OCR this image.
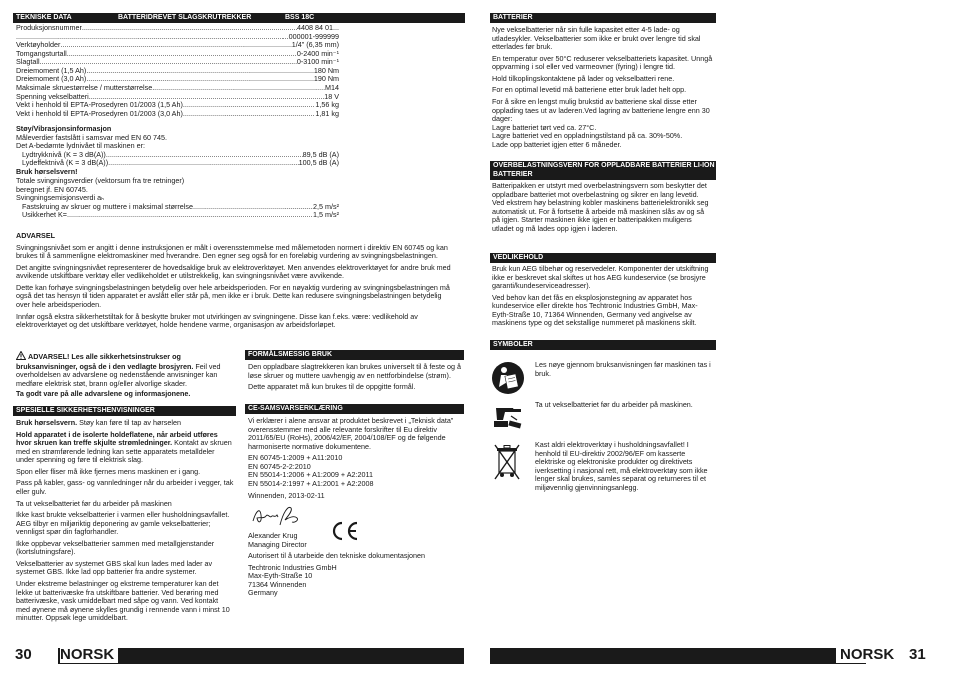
TEKNISKE DATA	BATTERIDREVET SLAGSKRUTREKKER	BSS 18C
Produksjonsnummer .....	4408 84 01...
.....
...000001-999999
Verktøyholder .....	1/4" (6,35 mm)
Tomgangsturtall .....	0-2400 min⁻¹
Slagtall .....	0-3100 min⁻¹
Dreiemoment (1,5 Ah) .....	180 Nm
Dreiemoment (3,0 Ah) .....	190 Nm
Maksimale skruestørrelse / mutterstørrelse .....	M14
Spenning vekselbatteri .....	18 V
Vekt i henhold til EPTA-Prosedyren 01/2003 (1,5 Ah) .....	1,56 kg
Vekt i henhold til EPTA-Prosedyren 01/2003 (3,0 Ah) .....	1,81 kg
Støy/Vibrasjonsinformasjon
Måleverdier fastslått i samsvar med EN 60 745.
Det A-bedømte lydnivået til maskinen er:
Lydtrykknivå (K = 3 dB(A)) .....	89,5 dB (A)
Lydeffektnivå (K = 3 dB(A)) .....	100,5 dB (A)
Bruk hørselsvern!
Totale svingningsverdier (vektorsum fra tre retninger)
beregnet jf. EN 60745.
Svingningsemisjonsverdi aₕ
Fastskruing av skruer og muttere i maksimal størrelse .....	2,5 m/s²
Usikkerhet K= .....	1,5 m/s²
ADVARSEL

Svingningsnivået som er angitt i denne instruksjonen er målt i overensstemmelse med målemetoden normert i direktiv EN 60745 og kan brukes til å sammenligne elektromaskiner med hverandre. Den egner seg også for en foreløbig vurdering av svingningsbelastningen.

Det angitte svingningsnivået representerer de hovedsaklige bruk av elektroverktøyet. Men anvendes elektroverktøyet for andre bruk med avvikende utskiftbare verktøy eller vedlikeholdet er utilstrekkelig, kan svingningsnivået være avvikende.

Dette kan forhøye svingningsbelastningen betydelig over hele arbeidsperioden. For en nøyaktig vurdering av svingningsbelastningen må også det tas hensyn til tiden apparatet er avslått eller står på, men ikke er i bruk. Dette kan redusere svingningsbelastningen betydelig over hele arbeidsperioden.

Innfør også ekstra sikkerhetstiltak for å beskytte bruker mot utvirkingen av svingningene. Disse kan f.eks. være: vedlikehold av elektroverktøyet og det utskiftbare verktøyet, holde hendene varme, organisasjon av arbeidsforløpet.

ADVARSEL! Les alle sikkerhetsinstrukser og bruksanvisninger, også de i den vedlagte brosjyren. Feil ved overholdelsen av advarslene og nedenstående anvisninger kan medføre elektrisk støt, brann og/eller alvorlige skader.

Ta godt vare på alle advarslene og informasjonene.

SPESIELLE SIKKERHETSHENVISNINGER

Bruk hørselsvern. Støy kan føre til tap av hørselen

Hold apparatet i de isolerte holdeflatene, når arbeid utføres hvor skruen kan treffe skjulte strømledninger. Kontakt av skruen med en strømførende ledning kan sette apparatets metalldeler under spenning og føre til elektrisk slag.

Spon eller fliser må ikke fjernes mens maskinen er i gang.

Pass på kabler, gass- og vannledninger når du arbeider i vegger, tak eller gulv.

Ta ut vekselbatteriet før du arbeider på maskinen

Ikke kast brukte vekselbatterier i varmen eller husholdningsavfallet. AEG tilbyr en miljøriktig deponering av gamle vekselbatterier; vennligst spør din fagforhandler.

Ikke oppbevar vekselbatterier sammen med metallgjenstander (kortslutningsfare).

Vekselbatterier av systemet GBS skal kun lades med lader av systemet GBS. Ikke lad opp batterier fra andre systemer.

Under ekstreme belastninger og ekstreme temperaturer kan det lekke ut batterivæske fra utskiftbare batterier. Ved berøring med batterivæske, vask umiddelbart med såpe og vann. Ved kontakt med øynene må øynene skylles grundig i rennende vann i minst 10 minutter. Oppsøk lege umiddelbart.

FORMÅLSMESSIG BRUK

Den oppladbare slagtrekkeren kan brukes universelt til å feste og å løse skruer og muttere uavhengig av en nettforbindelse (strøm).

Dette apparatet må kun brukes til de oppgitte formål.

CE-SAMSVARSERKLÆRING

Vi erklærer i alene ansvar at produktet beskrevet i „Teknisk data" overensstemmer med alle relevante forskrifter til Eu direktiv 2011/65/EU (RoHs), 2006/42/EF, 2004/108/EF og de følgende harmoniserte normative dokumentene.

EN 60745-1:2009 + A11:2010
EN 60745-2-2:2010
EN 55014-1:2006 + A1:2009 + A2:2011
EN 55014-2:1997 + A1:2001 + A2:2008
Winnenden, 2013-02-11
Alexander Krug
Managing Director
Autorisert til å utarbeide den tekniske dokumentasjonen
Techtronic Industries GmbH
Max-Eyth-Straße 10
71364 Winnenden
Germany
30 NORSK
BATTERIER

Nye vekselbatterier når sin fulle kapasitet etter 4-5 lade- og utladesykler. Vekselbatterier som ikke er brukt over lengre tid skal etterlades før bruk.

En temperatur over 50°C reduserer vekselbatteriets kapasitet. Unngå oppvarming i sol eller ved varmeovner (fyring) i lengre tid.

Hold tilkoplingskontaktene på lader og vekselbatteri rene.

For en optimal levetid må batteriene etter bruk ladet helt opp.

For å sikre en lengst mulig brukstid av batteriene skal disse etter opplading taes ut av laderen.Ved lagring av batteriene lengre enn 30 dager:
Lagre batteriet tørt ved ca. 27°C.
Lagre batteriet ved en oppladningstilstand på ca. 30%-50%.
Lade opp batteriet igjen etter 6 måneder.

OVERBELASTNINGSVERN FOR OPPLADBARE BATTERIER LI-ION BATTERIER
Batteripakken er utstyrt med overbelastningsvern som beskytter det oppladbare batteriet mot overbelastning og sikrer en lang levetid.
Ved ekstrem høy belastning kobler maskinens batterielektronikk seg automatisk ut. For å fortsette å arbeide må maskinen slås av og så på igjen. Starter maskinen ikke igjen er batteripakken muligens utladet og må lades opp igjen i laderen.
VEDLIKEHOLD

Bruk kun AEG tilbehør og reservedeler. Komponenter der utskiftning ikke er beskrevet skal skiftes ut hos AEG kundeservice (se brosjyre garanti/kundeserviceadresser).

Ved behov kan det fås en eksplosjonstegning av apparatet hos kundeservice eller direkte hos Techtronic Industries GmbH, Max-Eyth-Straße 10, 71364 Winnenden, Germany ved angivelse av maskinens type og det sekstallige nummeret på maskinens skilt.

SYMBOLER
Les nøye gjennom bruksanvisningen før maskinen tas i bruk.
Ta ut vekselbatteriet før du arbeider på maskinen.
Kast aldri elektroverktøy i husholdningsavfallet! I henhold til EU-direktiv 2002/96/EF om kasserte elektriske og elektroniske produkter og direktivets iverksetting i nasjonal rett, må elektroverktøy som ikke lenger skal brukes, samles separat og returneres til et miljøvennlig gjenvinningsanlegg.
NORSK 31
